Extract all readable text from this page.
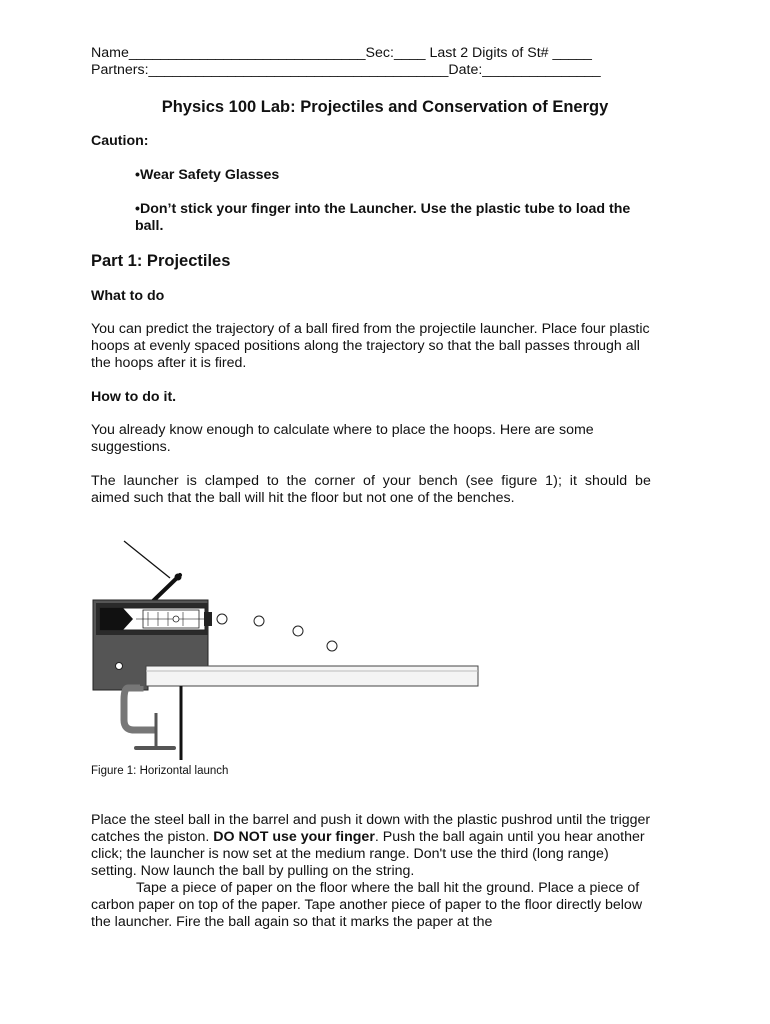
Name______________________________Sec:____ Last 2 Digits of St# _____
Partners:______________________________________Date:_______________
Physics 100 Lab: Projectiles and Conservation of Energy
Caution:
•Wear Safety Glasses
•Don’t stick your finger into the Launcher. Use the plastic tube to load the ball.
Part 1: Projectiles
What to do
You can predict the trajectory of a ball fired from the projectile launcher. Place four plastic hoops at evenly spaced positions along the trajectory so that the ball passes through all the hoops after it is fired.
How to do it.
You already know enough to calculate where to place the hoops. Here are some suggestions.
The launcher is clamped to the corner of your bench (see figure 1); it should be
aimed such that the ball will hit the floor but not one of the benches.
Figure 1: Horizontal launch
Place the steel ball in the barrel and push it down with the plastic pushrod until the trigger catches the piston. DO NOT use your finger. Push the ball again until you hear another click; the launcher is now set at the medium range. Don't use the third (long range) setting. Now launch the ball by pulling on the string.
Tape a piece of paper on the floor where the ball hit the ground. Place a piece of carbon paper on top of the paper. Tape another piece of paper to the floor directly below the launcher. Fire the ball again so that it marks the paper at the
